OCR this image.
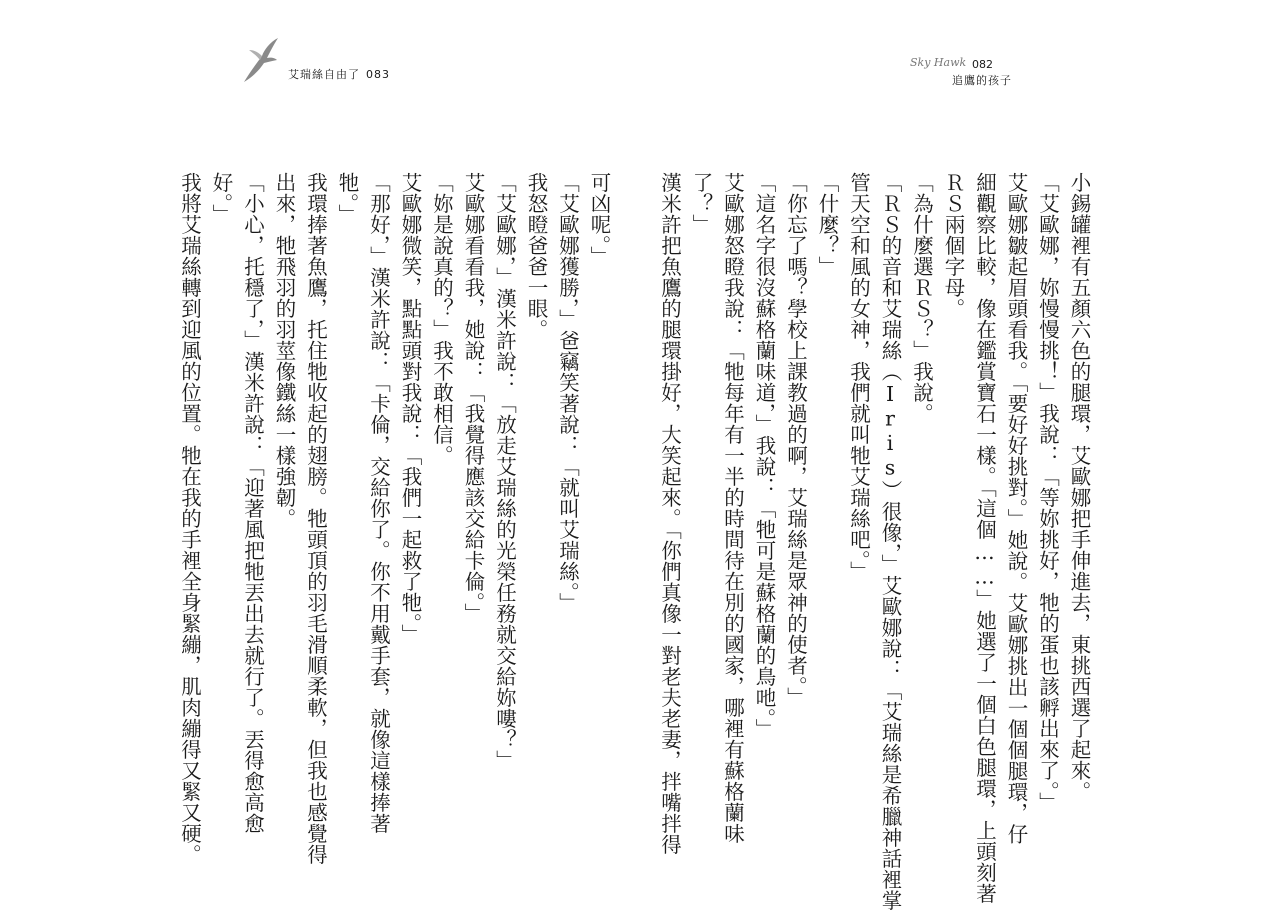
艾瑞絲自由了 083

可凶呢。」

「艾歐娜獲勝，」爸竊笑著說：「就叫艾瑞絲。」

我怒瞪爸爸一眼。

「艾歐娜，」漢米許說：「放走艾瑞絲的光榮任務就交給妳嘍？」

艾歐娜看看我，她說：「我覺得應該交給卡倫。」

「妳是說真的？」我不敢相信。

艾歐娜微笑，點點頭對我說：「我們一起救了牠。」

「那好，」漢米許說：「卡倫，交給你了。你不用戴手套，就像這樣捧著

牠。」

我環捧著魚鷹，托住牠收起的翅膀。牠頭頂的羽毛滑順柔軟，但我也感覺得

出來，牠飛羽的羽莖像鐵絲一樣強韌。

「小心，托穩了，」漢米許說：「迎著風把牠丟出去就行了。丟得愈高愈

好。」

我將艾瑞絲轉到迎風的位置。牠在我的手裡全身緊繃，肌肉繃得又緊又硬。

Sky Hawk 082
追鷹的孩子

小錫罐裡有五顏六色的腿環，艾歐娜把手伸進去，東挑西選了起來。

「艾歐娜，妳慢慢挑！」我說：「等妳挑好，牠的蛋也該孵出來了。」

艾歐娜皺起眉頭看我。「要好好挑對。」她說。艾歐娜挑出一個個腿環，仔

細觀察比較，像在鑑賞寶石一樣。「這個……」她選了一個白色腿環，上頭刻著

ＲＳ兩個字母。

「為什麼選ＲＳ？」我說。

「ＲＳ的音和艾瑞絲（Iris）很像，」艾歐娜說：「艾瑞絲是希臘神話裡掌

管天空和風的女神，我們就叫牠艾瑞絲吧。」

「什麼？」

「你忘了嗎？學校上課教過的啊，艾瑞絲是眾神的使者。」

「這名字很沒蘇格蘭味道，」我說：「牠可是蘇格蘭的鳥吔。」

艾歐娜怒瞪我說：「牠每年有一半的時間待在別的國家，哪裡有蘇格蘭味

了？」

漢米許把魚鷹的腿環掛好，大笑起來。「你們真像一對老夫老妻，拌嘴拌得
